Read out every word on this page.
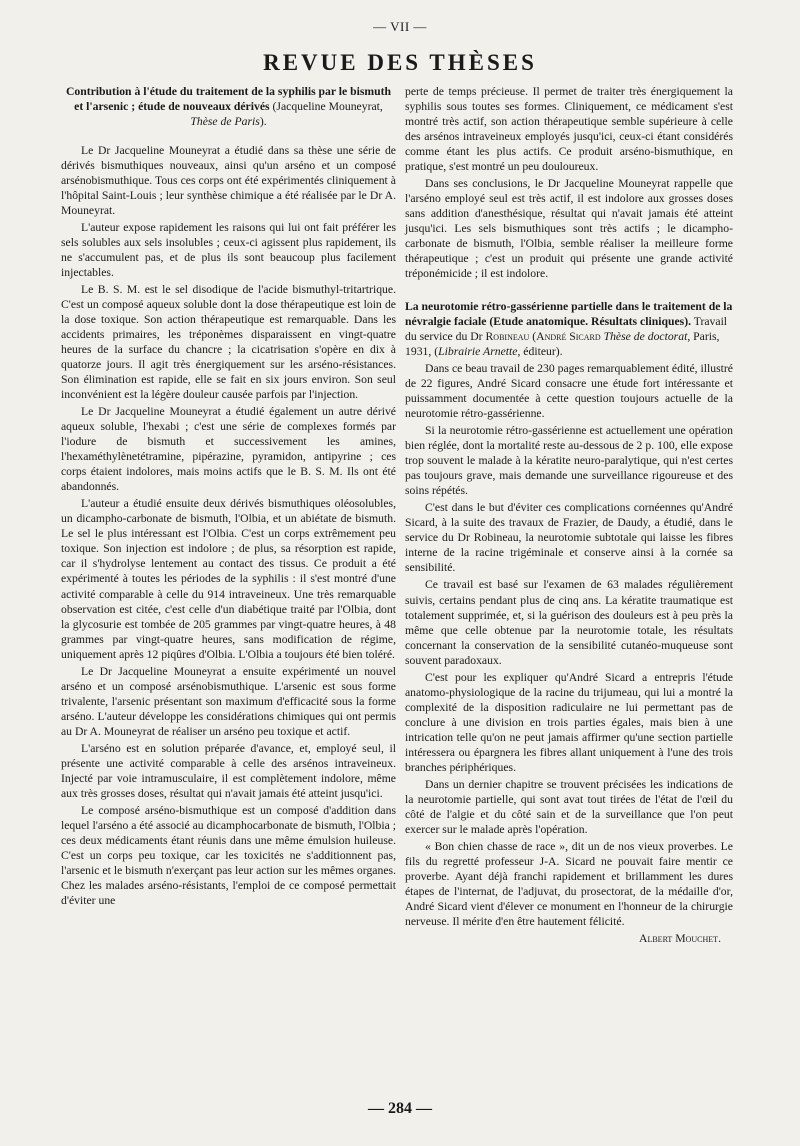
— VII —
REVUE DES THÈSES

Contribution à l'étude du traitement de la syphilis par le bismuth et l'arsenic ; étude de nouveaux dérivés (Jacqueline Mouneyrat, Thèse de Paris).

Le Dr Jacqueline Mouneyrat a étudié dans sa thèse une série de dérivés bismuthiques nouveaux, ainsi qu'un arséno et un composé arsénobismuthique. Tous ces corps ont été expérimentés cliniquement à l'hôpital Saint-Louis ; leur synthèse chimique a été réalisée par le Dr A. Mouneyrat.

L'auteur expose rapidement les raisons qui lui ont fait préférer les sels solubles aux sels insolubles ; ceux-ci agissent plus rapidement, ils ne s'accumulent pas, et de plus ils sont beaucoup plus facilement injectables.

Le B. S. M. est le sel disodique de l'acide bismuthyl-tritartrique. C'est un composé aqueux soluble dont la dose thérapeutique est loin de la dose toxique. Son action thérapeutique est remarquable. Dans les accidents primaires, les tréponèmes disparaissent en vingt-quatre heures de la surface du chancre ; la cicatrisation s'opère en dix à quatorze jours. Il agit très énergiquement sur les arséno-résistances. Son élimination est rapide, elle se fait en six jours environ. Son seul inconvénient est la légère douleur causée parfois par l'injection.

Le Dr Jacqueline Mouneyrat a étudié également un autre dérivé aqueux soluble, l'hexabi ; c'est une série de complexes formés par l'iodure de bismuth et successivement les amines, l'hexaméthylènetétramine, pipérazine, pyramidon, antipyrine ; ces corps étaient indolores, mais moins actifs que le B. S. M. Ils ont été abandonnés.

L'auteur a étudié ensuite deux dérivés bismuthiques oléosolubles, un dicampho-carbonate de bismuth, l'Olbia, et un abiétate de bismuth. Le sel le plus intéressant est l'Olbia. C'est un corps extrêmement peu toxique. Son injection est indolore ; de plus, sa résorption est rapide, car il s'hydrolyse lentement au contact des tissus. Ce produit a été expérimenté à toutes les périodes de la syphilis : il s'est montré d'une activité comparable à celle du 914 intraveineux. Une très remarquable observation est citée, c'est celle d'un diabétique traité par l'Olbia, dont la glycosurie est tombée de 205 grammes par vingt-quatre heures, à 48 grammes par vingt-quatre heures, sans modification de régime, uniquement après 12 piqûres d'Olbia. L'Olbia a toujours été bien toléré.

Le Dr Jacqueline Mouneyrat a ensuite expérimenté un nouvel arséno et un composé arsénobismuthique. L'arsenic est sous forme trivalente, l'arsenic présentant son maximum d'efficacité sous la forme arséno. L'auteur développe les considérations chimiques qui ont permis au Dr A. Mouneyrat de réaliser un arséno peu toxique et actif.

L'arséno est en solution préparée d'avance, et, employé seul, il présente une activité comparable à celle des arsénos intraveineux. Injecté par voie intramusculaire, il est complètement indolore, même aux très grosses doses, résultat qui n'avait jamais été atteint jusqu'ici.

Le composé arséno-bismuthique est un composé d'addition dans lequel l'arséno a été associé au dicamphocarbonate de bismuth, l'Olbia ; ces deux médicaments étant réunis dans une même émulsion huileuse. C'est un corps peu toxique, car les toxicités ne s'additionnent pas, l'arsenic et le bismuth n'exerçant pas leur action sur les mêmes organes. Chez les malades arséno-résistants, l'emploi de ce composé permettait d'éviter une

perte de temps précieuse. Il permet de traiter très énergiquement la syphilis sous toutes ses formes. Cliniquement, ce médicament s'est montré très actif, son action thérapeutique semble supérieure à celle des arsénos intraveineux employés jusqu'ici, ceux-ci étant considérés comme étant les plus actifs. Ce produit arséno-bismuthique, en pratique, s'est montré un peu douloureux.

Dans ses conclusions, le Dr Jacqueline Mouneyrat rappelle que l'arséno employé seul est très actif, il est indolore aux grosses doses sans addition d'anesthésique, résultat qui n'avait jamais été atteint jusqu'ici. Les sels bismuthiques sont très actifs ; le dicampho-carbonate de bismuth, l'Olbia, semble réaliser la meilleure forme thérapeutique ; c'est un produit qui présente une grande activité tréponémicide ; il est indolore.

La neurotomie rétro-gassérienne partielle dans le traitement de la névralgie faciale (Etude anatomique. Résultats cliniques). Travail du service du Dr Robineau (André Sicard Thèse de doctorat, Paris, 1931, (Librairie Arnette, éditeur).

Dans ce beau travail de 230 pages remarquablement édité, illustré de 22 figures, André Sicard consacre une étude fort intéressante et puissamment documentée à cette question toujours actuelle de la neurotomie rétro-gassérienne.

Si la neurotomie rétro-gassérienne est actuellement une opération bien réglée, dont la mortalité reste au-dessous de 2 p. 100, elle expose trop souvent le malade à la kératite neuro-paralytique, qui n'est certes pas toujours grave, mais demande une surveillance rigoureuse et des soins répétés.

C'est dans le but d'éviter ces complications cornéennes qu'André Sicard, à la suite des travaux de Frazier, de Daudy, a étudié, dans le service du Dr Robineau, la neurotomie subtotale qui laisse les fibres interne de la racine trigéminale et conserve ainsi à la cornée sa sensibilité.

Ce travail est basé sur l'examen de 63 malades régulièrement suivis, certains pendant plus de cinq ans. La kératite traumatique est totalement supprimée, et, si la guérison des douleurs est à peu près la même que celle obtenue par la neurotomie totale, les résultats concernant la conservation de la sensibilité cutanéo-muqueuse sont souvent paradoxaux.

C'est pour les expliquer qu'André Sicard a entrepris l'étude anatomo-physiologique de la racine du trijumeau, qui lui a montré la complexité de la disposition radiculaire ne lui permettant pas de conclure à une division en trois parties égales, mais bien à une intrication telle qu'on ne peut jamais affirmer qu'une section partielle intéressera ou épargnera les fibres allant uniquement à l'une des trois branches périphériques.

Dans un dernier chapitre se trouvent précisées les indications de la neurotomie partielle, qui sont avat tout tirées de l'état de l'œil du côté de l'algie et du côté sain et de la surveillance que l'on peut exercer sur le malade après l'opération.

« Bon chien chasse de race », dit un de nos vieux proverbes. Le fils du regretté professeur J-A. Sicard ne pouvait faire mentir ce proverbe. Ayant déjà franchi rapidement et brillamment les dures étapes de l'internat, de l'adjuvat, du prosectorat, de la médaille d'or, André Sicard vient d'élever ce monument en l'honneur de la chirurgie nerveuse. Il mérite d'en être hautement félicité.

Albert Mouchet.

— 284 —
